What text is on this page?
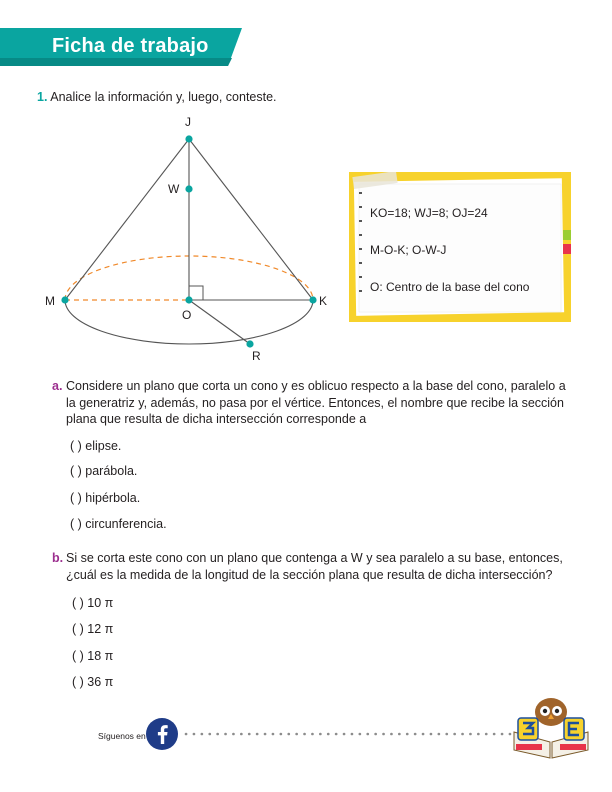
Ficha de trabajo
1. Analice la información y, luego, conteste.
J
W
M
O
K
R
KO=18; WJ=8; OJ=24
M-O-K; O-W-J
O: Centro de la base del cono
a. Considere un plano que corta un cono y es oblicuo respecto a la base del cono, paralelo a
la generatriz y, además, no pasa por el vértice. Entonces, el nombre que recibe la sección
plana que resulta de dicha intersección corresponde a
( ) elipse.
( ) parábola.
( ) hipérbola.
( ) circunferencia.
b. Si se corta este cono con un plano que contenga a W y sea paralelo a su base, entonces,
¿cuál es la medida de la longitud de la sección plana que resulta de dicha intersección?
( ) 10 π
( ) 12 π
( ) 18 π
( ) 36 π
Síguenos en
